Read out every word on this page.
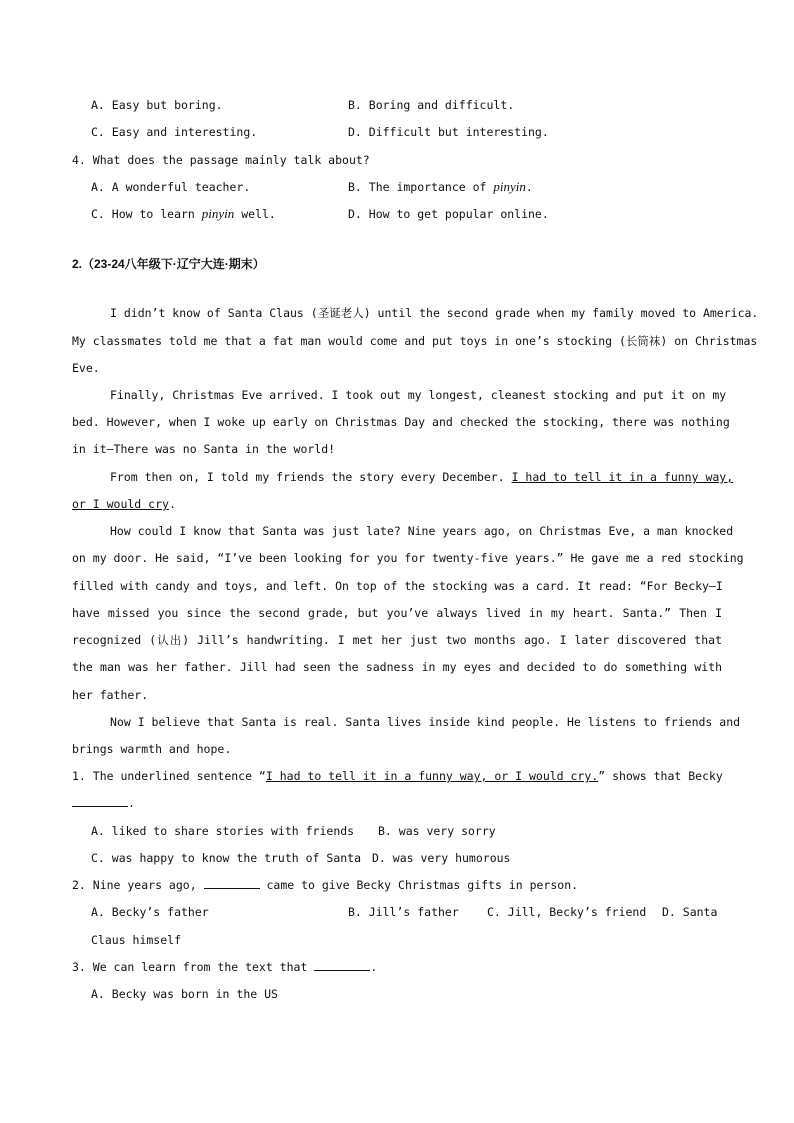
A. Easy but boring.	B. Boring and difficult.
C. Easy and interesting.	D. Difficult but interesting.
4. What does the passage mainly talk about?
A. A wonderful teacher.	B. The importance of pinyin.
C. How to learn pinyin well.	D. How to get popular online.
2.（23-24八年级下·辽宁大连·期末）
I didn’t know of Santa Claus (圣诞老人) until the second grade when my family moved to America.
My classmates told me that a fat man would come and put toys in one’s stocking (长筒袜) on Christmas
Eve.
Finally, Christmas Eve arrived. I took out my longest, cleanest stocking and put it on my
bed. However, when I woke up early on Christmas Day and checked the stocking, there was nothing
in it—There was no Santa in the world!
From then on, I told my friends the story every December. I had to tell it in a funny way,
or I would cry.
How could I know that Santa was just late? Nine years ago, on Christmas Eve, a man knocked
on my door. He said, “I’ve been looking for you for twenty-five years.” He gave me a red stocking
filled with candy and toys, and left. On top of the stocking was a card. It read: “For Becky—I
have missed you since the second grade, but you’ve always lived in my heart. Santa.” Then I
recognized (认出) Jill’s handwriting. I met her just two months ago. I later discovered that
the man was her father. Jill had seen the sadness in my eyes and decided to do something with
her father.
Now I believe that Santa is real. Santa lives inside kind people. He listens to friends and
brings warmth and hope.
1. The underlined sentence “I had to tell it in a funny way, or I would cry.” shows that Becky
.
A. liked to share stories with friends B. was very sorry
C. was happy to know the truth of Santa D. was very humorous
2. Nine years ago,	came to give Becky Christmas gifts in person.
A. Becky’s father	B. Jill’s father C. Jill, Becky’s friend D. Santa
Claus himself
3. We can learn from the text that	.
A. Becky was born in the US
